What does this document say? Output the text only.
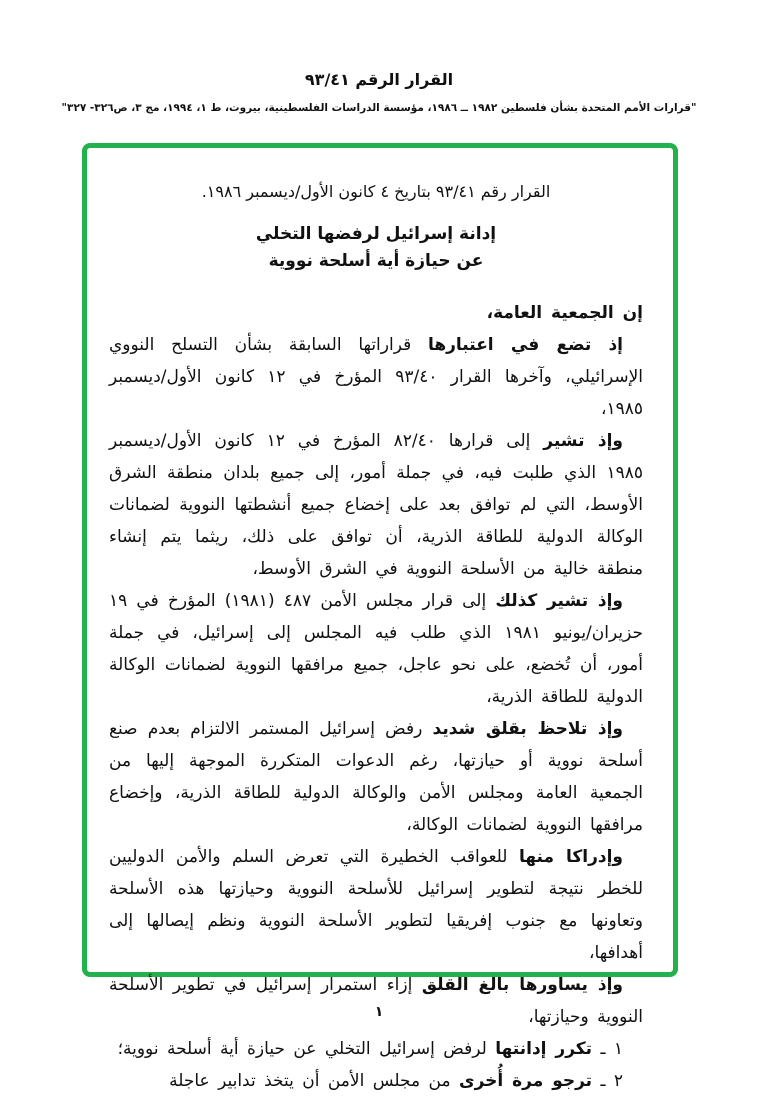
القرار الرقم ٩٣/٤١
"قرارات الأمم المتحدة بشأن فلسطين ١٩٨٢ ــ ١٩٨٦، مؤسسة الدراسات الفلسطينية، بيروت، ط ١، ١٩٩٤، مج ٣، ص٣٢٦- ٣٢٧"

القرار رقم ٩٣/٤١ بتاريخ ٤ كانون الأول/ديسمبر ١٩٨٦.

إدانة إسرائيل لرفضها التخلي
عن حيازة أية أسلحة نووية

إن الجمعية العامة،

إذ تضع في اعتبارها قراراتها السابقة بشأن التسلح النووي الإسرائيلي، وآخرها القرار ٩٣/٤٠ المؤرخ في ١٢ كانون الأول/ديسمبر ١٩٨٥،

وإذ تشير إلى قرارها ٨٢/٤٠ المؤرخ في ١٢ كانون الأول/ديسمبر ١٩٨٥ الذي طلبت فيه، في جملة أمور، إلى جميع بلدان منطقة الشرق الأوسط، التي لم توافق بعد على إخضاع جميع أنشطتها النووية لضمانات الوكالة الدولية للطاقة الذرية، أن توافق على ذلك، ريثما يتم إنشاء منطقة خالية من الأسلحة النووية في الشرق الأوسط،

وإذ تشير كذلك إلى قرار مجلس الأمن ٤٨٧ (١٩٨١) المؤرخ في ١٩ حزيران/يونيو ١٩٨١ الذي طلب فيه المجلس إلى إسرائيل، في جملة أمور، أن تُخضع، على نحو عاجل، جميع مرافقها النووية لضمانات الوكالة الدولية للطاقة الذرية،

وإذ تلاحظ بقلق شديد رفض إسرائيل المستمر الالتزام بعدم صنع أسلحة نووية أو حيازتها، رغم الدعوات المتكررة الموجهة إليها من الجمعية العامة ومجلس الأمن والوكالة الدولية للطاقة الذرية، وإخضاع مرافقها النووية لضمانات الوكالة،

وإدراكا منها للعواقب الخطيرة التي تعرض السلم والأمن الدوليين للخطر نتيجة لتطوير إسرائيل للأسلحة النووية وحيازتها هذه الأسلحة وتعاونها مع جنوب إفريقيا لتطوير الأسلحة النووية ونظم إيصالها إلى أهدافها،

وإذ يساورها بالغ القلق إزاء استمرار إسرائيل في تطوير الأسلحة النووية وحيازتها،

١ ـ تكرر إدانتها لرفض إسرائيل التخلي عن حيازة أية أسلحة نووية؛

٢ ـ ترجو مرة أُخرى من مجلس الأمن أن يتخذ تدابير عاجلة

١
